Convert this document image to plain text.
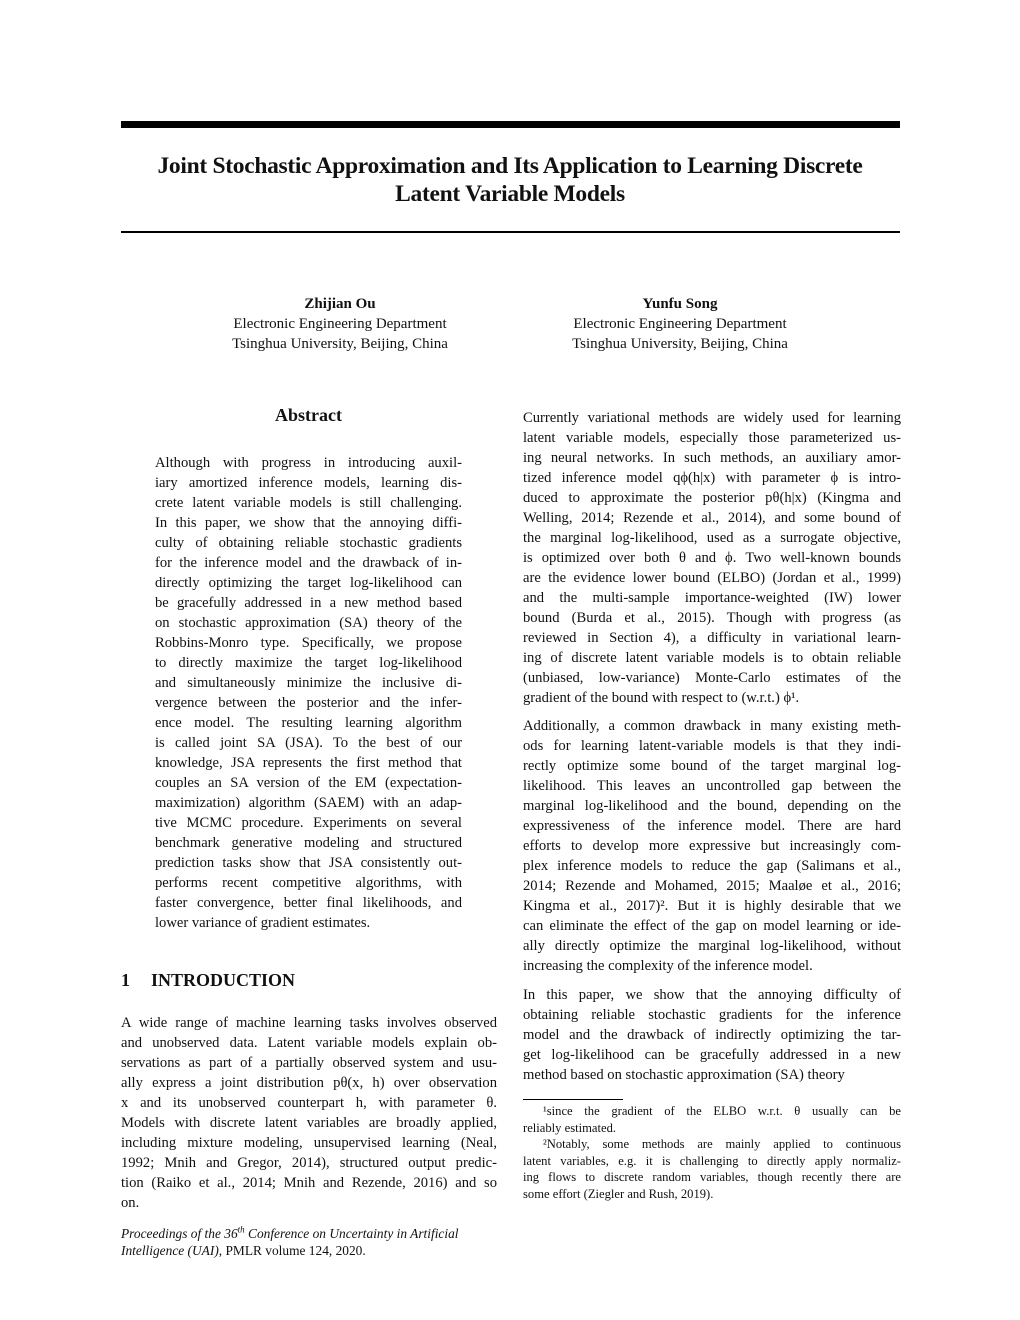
Joint Stochastic Approximation and Its Application to Learning Discrete
Latent Variable Models
Zhijian Ou
Electronic Engineering Department
Tsinghua University, Beijing, China
Yunfu Song
Electronic Engineering Department
Tsinghua University, Beijing, China
Abstract
Although with progress in introducing auxil-
iary amortized inference models, learning dis-
crete latent variable models is still challenging.
In this paper, we show that the annoying diffi-
culty of obtaining reliable stochastic gradients
for the inference model and the drawback of in-
directly optimizing the target log-likelihood can
be gracefully addressed in a new method based
on stochastic approximation (SA) theory of the
Robbins-Monro type. Specifically, we propose
to directly maximize the target log-likelihood
and simultaneously minimize the inclusive di-
vergence between the posterior and the infer-
ence model. The resulting learning algorithm
is called joint SA (JSA). To the best of our
knowledge, JSA represents the first method that
couples an SA version of the EM (expectation-
maximization) algorithm (SAEM) with an adap-
tive MCMC procedure. Experiments on several
benchmark generative modeling and structured
prediction tasks show that JSA consistently out-
performs recent competitive algorithms, with
faster convergence, better final likelihoods, and
lower variance of gradient estimates.
1 INTRODUCTION
A wide range of machine learning tasks involves observed
and unobserved data. Latent variable models explain ob-
servations as part of a partially observed system and usu-
ally express a joint distribution pθ(x, h) over observation
x and its unobserved counterpart h, with parameter θ.
Models with discrete latent variables are broadly applied,
including mixture modeling, unsupervised learning (Neal,
1992; Mnih and Gregor, 2014), structured output predic-
tion (Raiko et al., 2014; Mnih and Rezende, 2016) and so
on.
Currently variational methods are widely used for learning
latent variable models, especially those parameterized us-
ing neural networks. In such methods, an auxiliary amor-
tized inference model qϕ(h|x) with parameter ϕ is intro-
duced to approximate the posterior pθ(h|x) (Kingma and
Welling, 2014; Rezende et al., 2014), and some bound of
the marginal log-likelihood, used as a surrogate objective,
is optimized over both θ and ϕ. Two well-known bounds
are the evidence lower bound (ELBO) (Jordan et al., 1999)
and the multi-sample importance-weighted (IW) lower
bound (Burda et al., 2015). Though with progress (as
reviewed in Section 4), a difficulty in variational learn-
ing of discrete latent variable models is to obtain reliable
(unbiased, low-variance) Monte-Carlo estimates of the
gradient of the bound with respect to (w.r.t.) ϕ¹.
Additionally, a common drawback in many existing meth-
ods for learning latent-variable models is that they indi-
rectly optimize some bound of the target marginal log-
likelihood. This leaves an uncontrolled gap between the
marginal log-likelihood and the bound, depending on the
expressiveness of the inference model. There are hard
efforts to develop more expressive but increasingly com-
plex inference models to reduce the gap (Salimans et al.,
2014; Rezende and Mohamed, 2015; Maaløe et al., 2016;
Kingma et al., 2017)². But it is highly desirable that we
can eliminate the effect of the gap on model learning or ide-
ally directly optimize the marginal log-likelihood, without
increasing the complexity of the inference model.
In this paper, we show that the annoying difficulty of
obtaining reliable stochastic gradients for the inference
model and the drawback of indirectly optimizing the tar-
get log-likelihood can be gracefully addressed in a new
method based on stochastic approximation (SA) theory
¹since the gradient of the ELBO w.r.t. θ usually can be
reliably estimated.
²Notably, some methods are mainly applied to continuous
latent variables, e.g. it is challenging to directly apply normaliz-
ing flows to discrete random variables, though recently there are
some effort (Ziegler and Rush, 2019).
Proceedings of the 36th Conference on Uncertainty in Artificial
Intelligence (UAI), PMLR volume 124, 2020.
